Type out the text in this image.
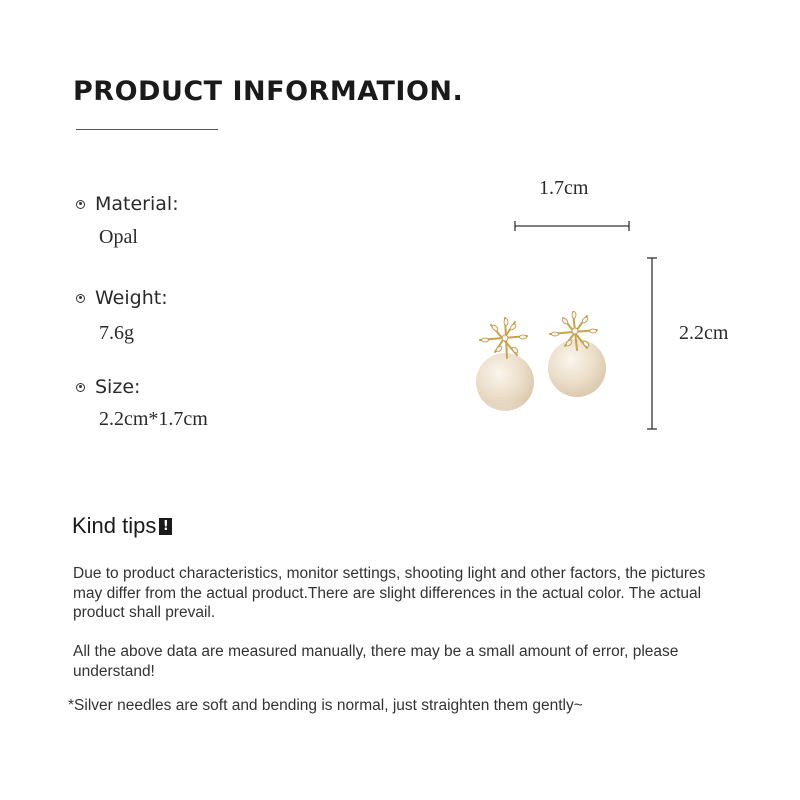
PRODUCT INFORMATION.
Material:
Opal
Weight:
7.6g
Size:
2.2cm*1.7cm
1.7cm
2.2cm
Kind tips !

Due to product characteristics, monitor settings, shooting light and other factors, the pictures may differ from the actual product.There are slight differences in the actual color. The actual product shall prevail.

All the above data are measured manually, there may be a small amount of error, please understand!

*Silver needles are soft and bending is normal, just straighten them gently~
